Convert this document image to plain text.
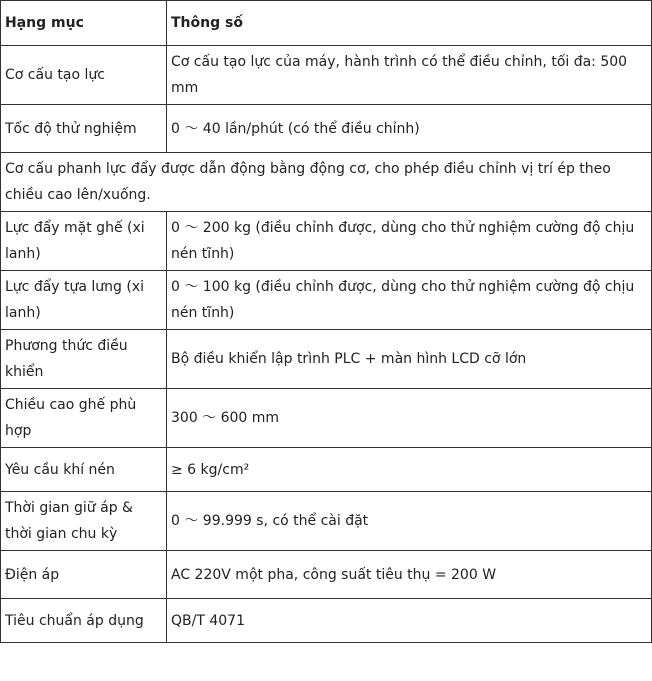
Hạng mục	Thông số
Cơ cấu tạo lực	Cơ cấu tạo lực của máy, hành trình có thể điều chỉnh, tối đa: 500 mm
Tốc độ thử nghiệm	0 ～ 40 lần/phút (có thể điều chỉnh)
Cơ cấu phanh lực đẩy được dẫn động bằng động cơ, cho phép điều chỉnh vị trí ép theo chiều cao lên/xuống.	
Lực đẩy mặt ghế (xi lanh)	0 ～ 200 kg (điều chỉnh được, dùng cho thử nghiệm cường độ chịu nén tĩnh)
Lực đẩy tựa lưng (xi lanh)	0 ～ 100 kg (điều chỉnh được, dùng cho thử nghiệm cường độ chịu nén tĩnh)
Phương thức điều khiển	Bộ điều khiển lập trình PLC + màn hình LCD cỡ lớn
Chiều cao ghế phù hợp	300 ～ 600 mm
Yêu cầu khí nén	≥ 6 kg/cm²
Thời gian giữ áp & thời gian chu kỳ	0 ～ 99.999 s, có thể cài đặt
Điện áp	AC 220V một pha, công suất tiêu thụ = 200 W
Tiêu chuẩn áp dụng	QB/T 4071
